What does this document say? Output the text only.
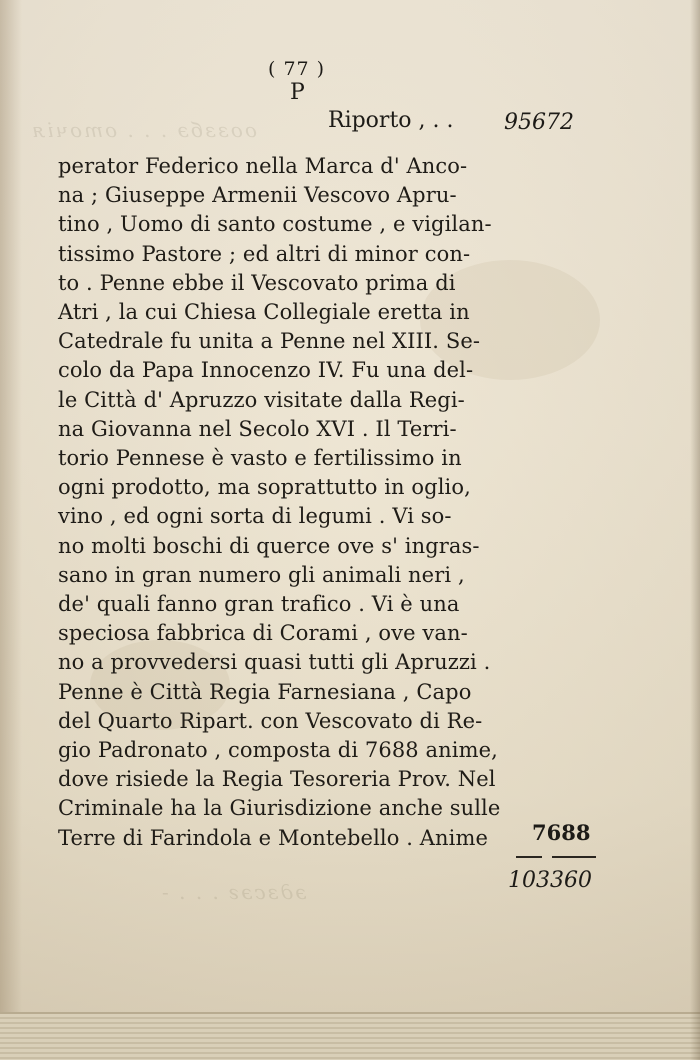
ооззбэ . . . оточія
эдзсэг . . . -
( 77 )
P
Riporto , . . 95672
perator Federico nella Marca d' Anco-
na ; Giuseppe Armenii Vescovo Apru-
tino , Uomo di santo costume , e vigilan-
tissimo Pastore ; ed altri di minor con-
to . Penne ebbe il Vescovato prima di
Atri , la cui Chiesa Collegiale eretta in
Catedrale fu unita a Penne nel XIII. Se-
colo da Papa Innocenzo IV. Fu una del-
le Città d' Apruzzo visitate dalla Regi-
na Giovanna nel Secolo XVI . Il Terri-
torio Pennese è vasto e fertilissimo in
ogni prodotto, ma soprattutto in oglio,
vino , ed ogni sorta di legumi . Vi so-
no molti boschi di querce ove s' ingras-
sano in gran numero gli animali neri ,
de' quali fanno gran trafico . Vi è una
speciosa fabbrica di Corami , ove van-
no a provvedersi quasi tutti gli Apruzzi .
Penne è Città Regia Farnesiana , Capo
del Quarto Ripart. con Vescovato di Re-
gio Padronato , composta di 7688 anime,
dove risiede la Regia Tesoreria Prov. Nel
Criminale ha la Giurisdizione anche sulle
Terre di Farindola e Montebello . Anime	7688
103360
